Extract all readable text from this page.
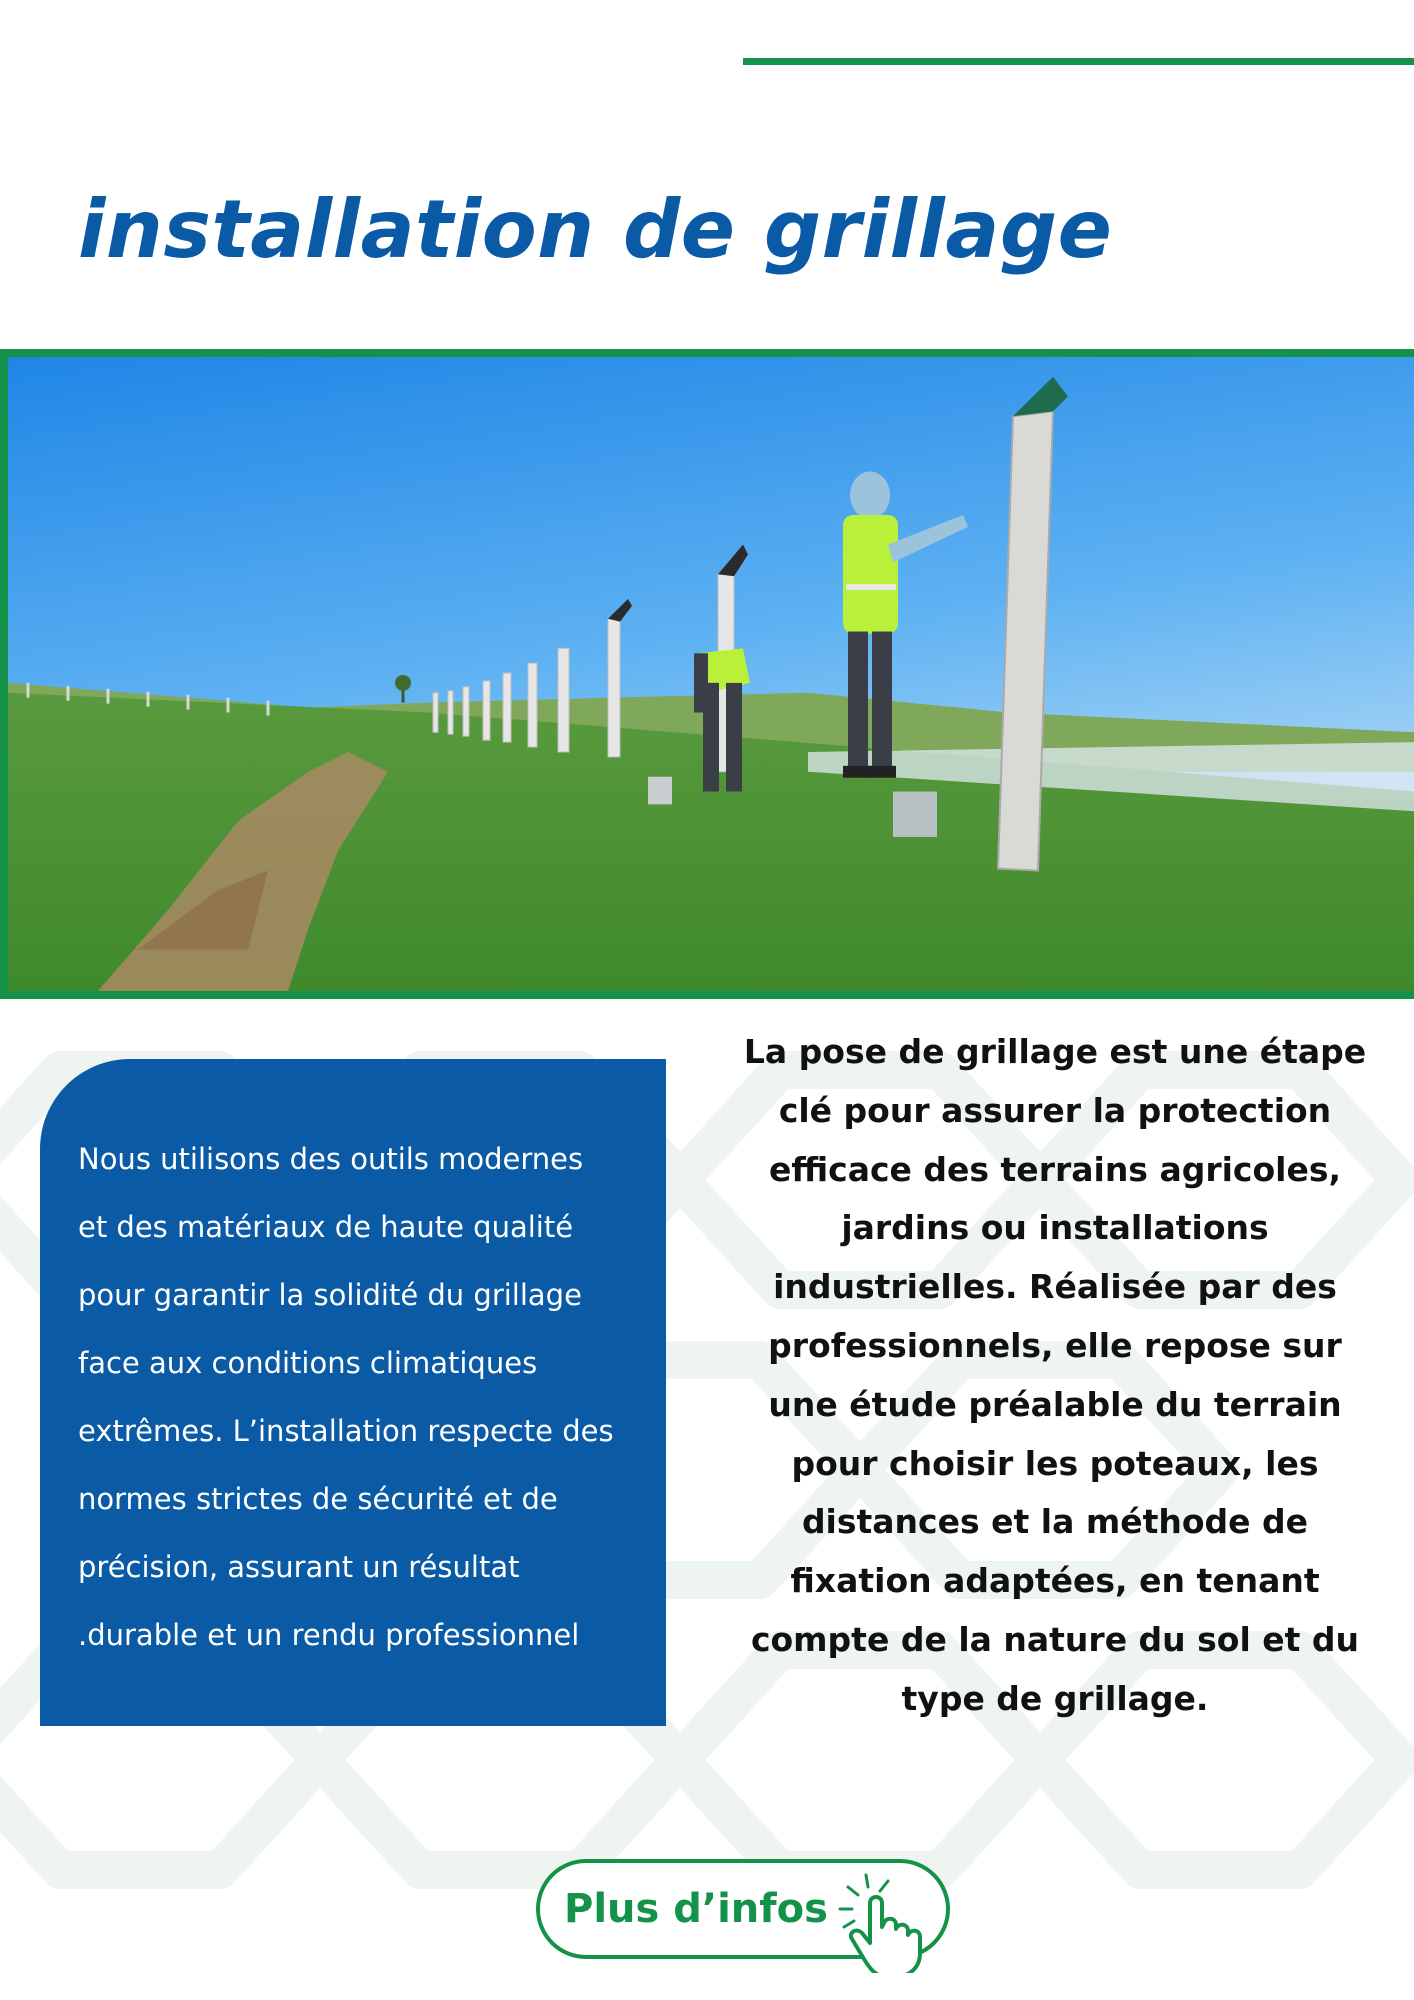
installation de grillage
Nous utilisons des outils modernes
et des matériaux de haute qualité
pour garantir la solidité du grillage
face aux conditions climatiques
extrêmes. L’installation respecte des
normes strictes de sécurité et de
précision, assurant un résultat
.durable et un rendu professionnel
La pose de grillage est une étape
clé pour assurer la protection
efficace des terrains agricoles,
jardins ou installations
industrielles. Réalisée par des
professionnels, elle repose sur
une étude préalable du terrain
pour choisir les poteaux, les
distances et la méthode de
fixation adaptées, en tenant
compte de la nature du sol et du
type de grillage.
Plus d’infos
